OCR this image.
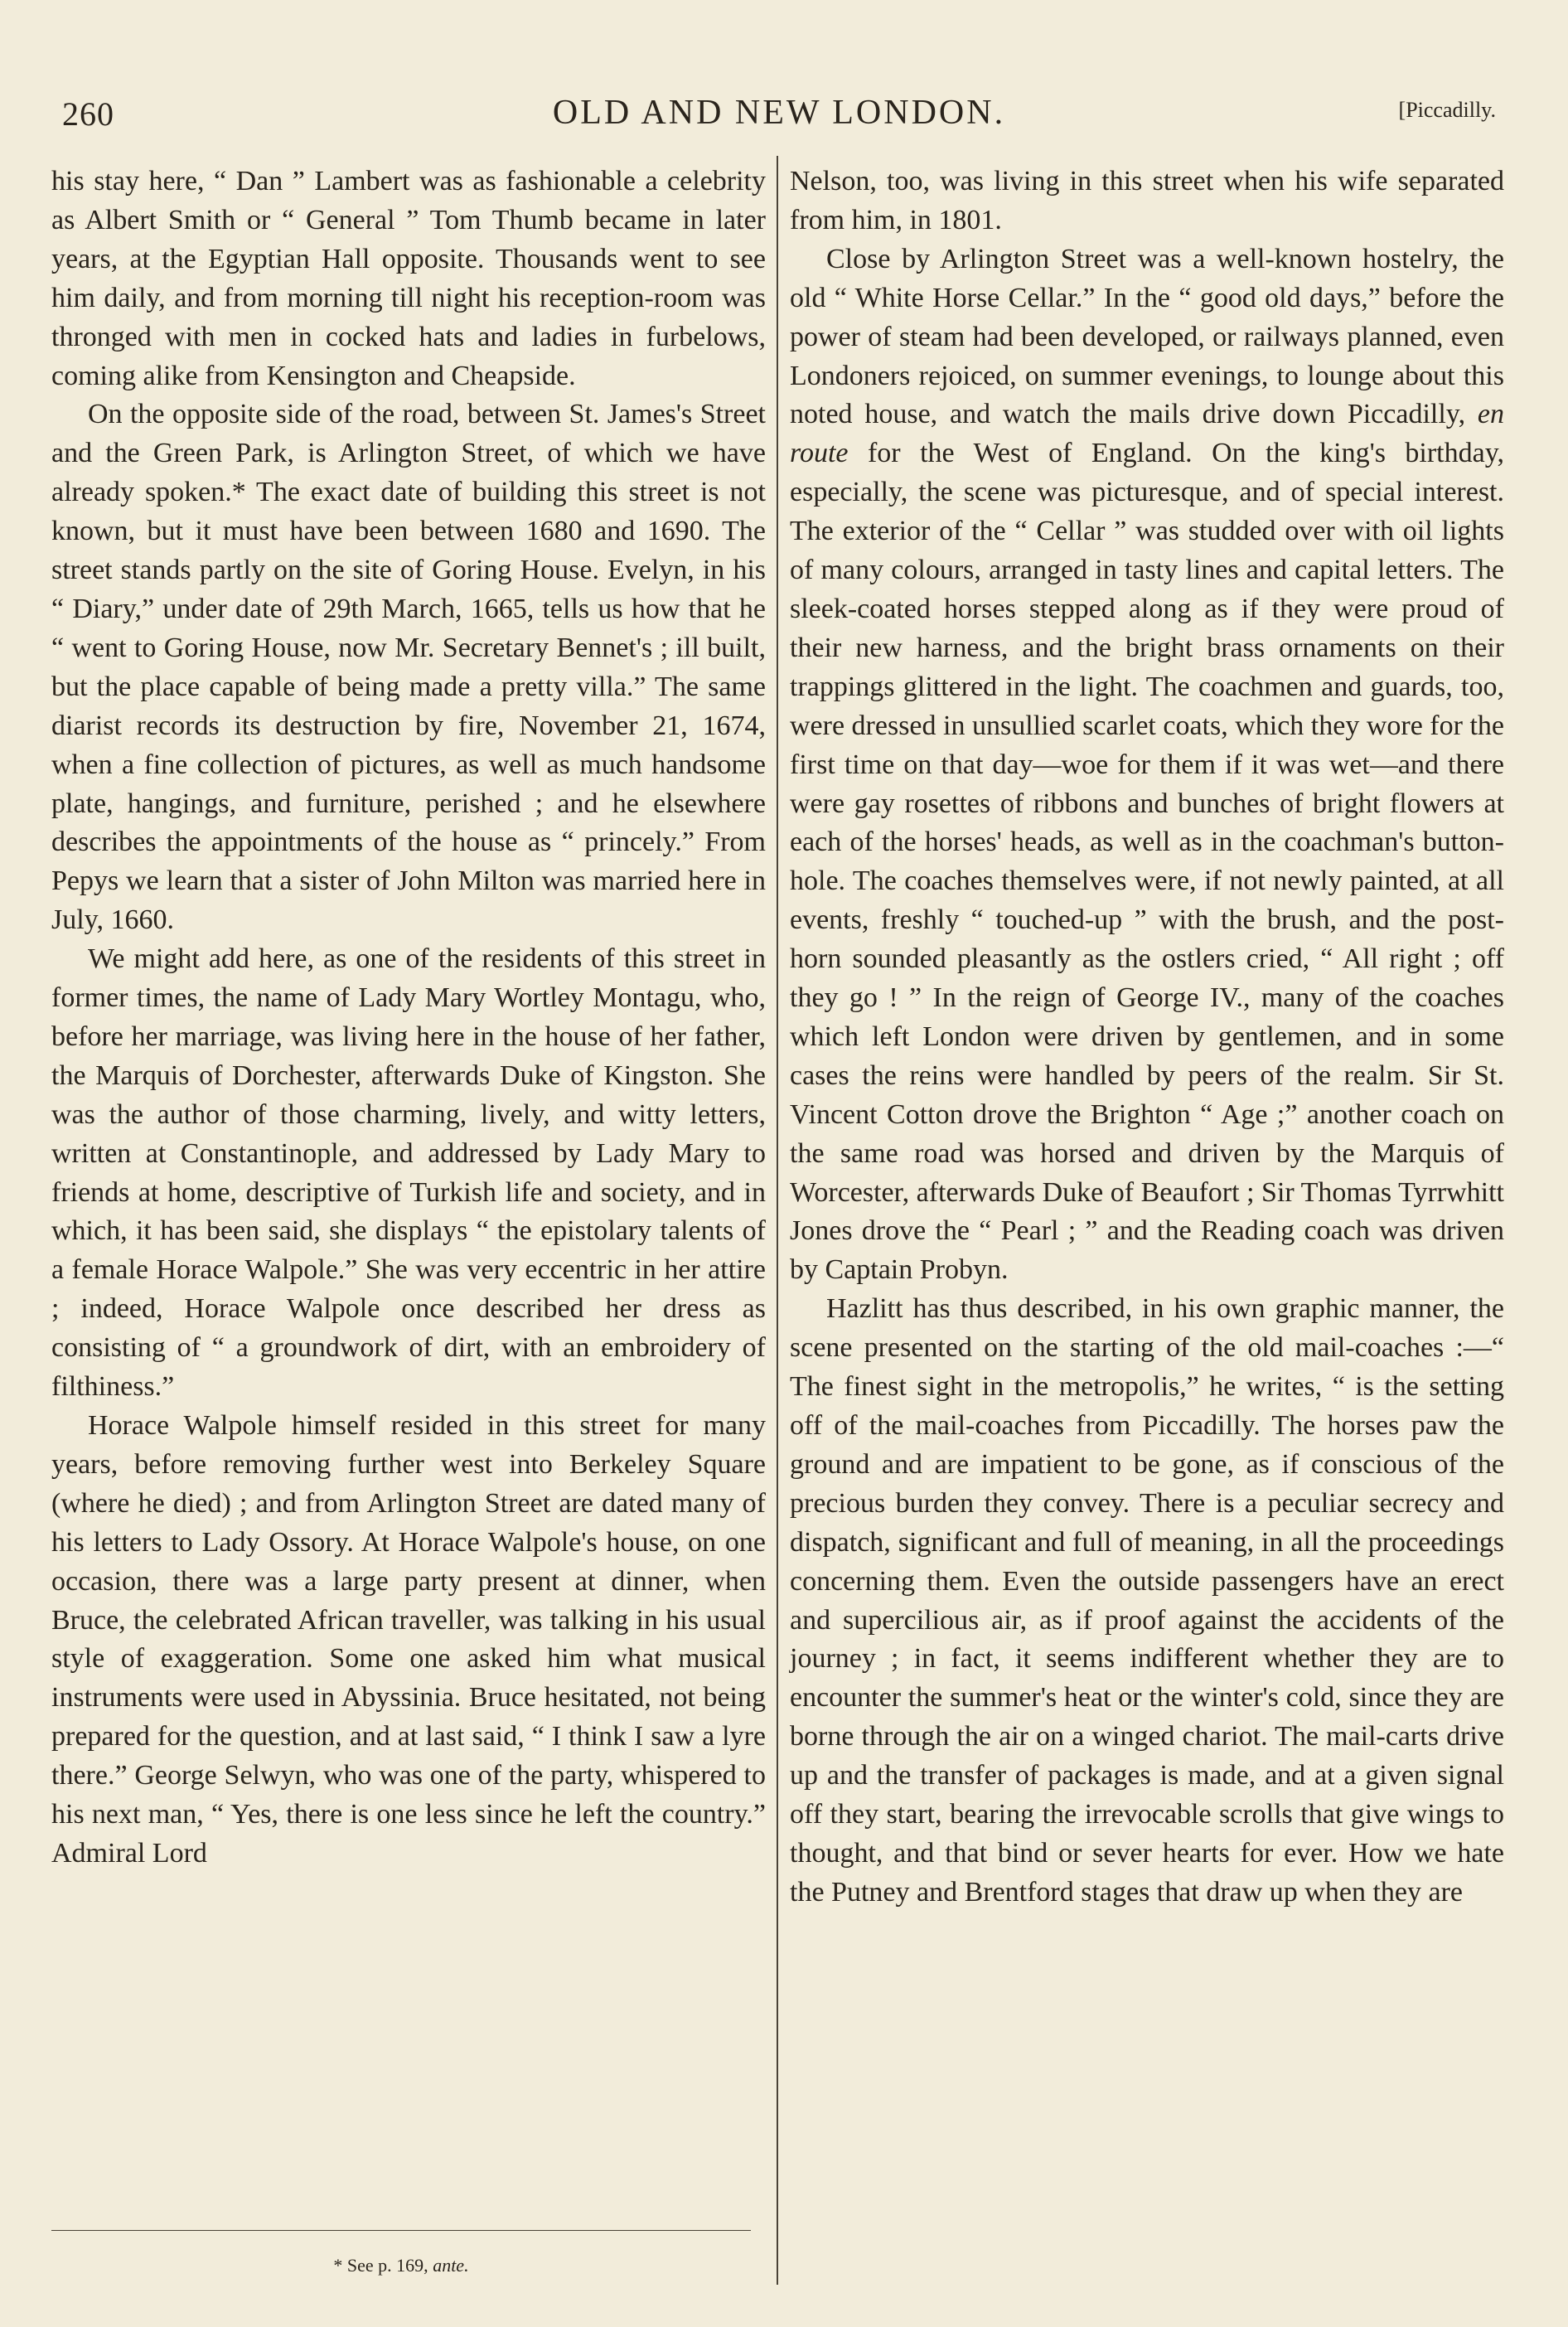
260	OLD AND NEW LONDON.	[Piccadilly.

his stay here, “ Dan ” Lambert was as fashionable a celebrity as Albert Smith or “ General ” Tom Thumb became in later years, at the Egyptian Hall opposite. Thousands went to see him daily, and from morning till night his reception-room was thronged with men in cocked hats and ladies in furbelows, coming alike from Kensington and Cheapside.

On the opposite side of the road, between St. James's Street and the Green Park, is Arlington Street, of which we have already spoken.* The exact date of building this street is not known, but it must have been between 1680 and 1690. The street stands partly on the site of Goring House. Evelyn, in his “ Diary,” under date of 29th March, 1665, tells us how that he “ went to Goring House, now Mr. Secretary Bennet's ; ill built, but the place capable of being made a pretty villa.” The same diarist records its destruction by fire, November 21, 1674, when a fine collection of pictures, as well as much handsome plate, hangings, and furniture, perished ; and he elsewhere describes the appointments of the house as “ princely.” From Pepys we learn that a sister of John Milton was married here in July, 1660.

We might add here, as one of the residents of this street in former times, the name of Lady Mary Wortley Montagu, who, before her marriage, was living here in the house of her father, the Marquis of Dorchester, afterwards Duke of Kingston. She was the author of those charming, lively, and witty letters, written at Constantinople, and addressed by Lady Mary to friends at home, descriptive of Turkish life and society, and in which, it has been said, she displays “ the epistolary talents of a female Horace Walpole.” She was very eccentric in her attire ; indeed, Horace Walpole once described her dress as consisting of “ a groundwork of dirt, with an embroidery of filthiness.”

Horace Walpole himself resided in this street for many years, before removing further west into Berkeley Square (where he died) ; and from Arlington Street are dated many of his letters to Lady Ossory. At Horace Walpole's house, on one occasion, there was a large party present at dinner, when Bruce, the celebrated African traveller, was talking in his usual style of exaggeration. Some one asked him what musical instruments were used in Abyssinia. Bruce hesitated, not being prepared for the question, and at last said, “ I think I saw a lyre there.” George Selwyn, who was one of the party, whispered to his next man, “ Yes, there is one less since he left the country.” Admiral Lord

Nelson, too, was living in this street when his wife separated from him, in 1801.

Close by Arlington Street was a well-known hostelry, the old “ White Horse Cellar.” In the “ good old days,” before the power of steam had been developed, or railways planned, even Londoners rejoiced, on summer evenings, to lounge about this noted house, and watch the mails drive down Piccadilly, en route for the West of England. On the king's birthday, especially, the scene was picturesque, and of special interest. The exterior of the “ Cellar ” was studded over with oil lights of many colours, arranged in tasty lines and capital letters. The sleek-coated horses stepped along as if they were proud of their new harness, and the bright brass ornaments on their trappings glittered in the light. The coachmen and guards, too, were dressed in unsullied scarlet coats, which they wore for the first time on that day—woe for them if it was wet—and there were gay rosettes of ribbons and bunches of bright flowers at each of the horses' heads, as well as in the coachman's button-hole. The coaches themselves were, if not newly painted, at all events, freshly “ touched-up ” with the brush, and the post-horn sounded pleasantly as the ostlers cried, “ All right ; off they go ! ” In the reign of George IV., many of the coaches which left London were driven by gentlemen, and in some cases the reins were handled by peers of the realm. Sir St. Vincent Cotton drove the Brighton “ Age ;” another coach on the same road was horsed and driven by the Marquis of Worcester, afterwards Duke of Beaufort ; Sir Thomas Tyrrwhitt Jones drove the “ Pearl ; ” and the Reading coach was driven by Captain Probyn.

Hazlitt has thus described, in his own graphic manner, the scene presented on the starting of the old mail-coaches :—“ The finest sight in the metropolis,” he writes, “ is the setting off of the mail-coaches from Piccadilly. The horses paw the ground and are impatient to be gone, as if conscious of the precious burden they convey. There is a peculiar secrecy and dispatch, significant and full of meaning, in all the proceedings concerning them. Even the outside passengers have an erect and supercilious air, as if proof against the accidents of the journey ; in fact, it seems indifferent whether they are to encounter the summer's heat or the winter's cold, since they are borne through the air on a winged chariot. The mail-carts drive up and the transfer of packages is made, and at a given signal off they start, bearing the irrevocable scrolls that give wings to thought, and that bind or sever hearts for ever. How we hate the Putney and Brentford stages that draw up when they are

* See p. 169, ante.
